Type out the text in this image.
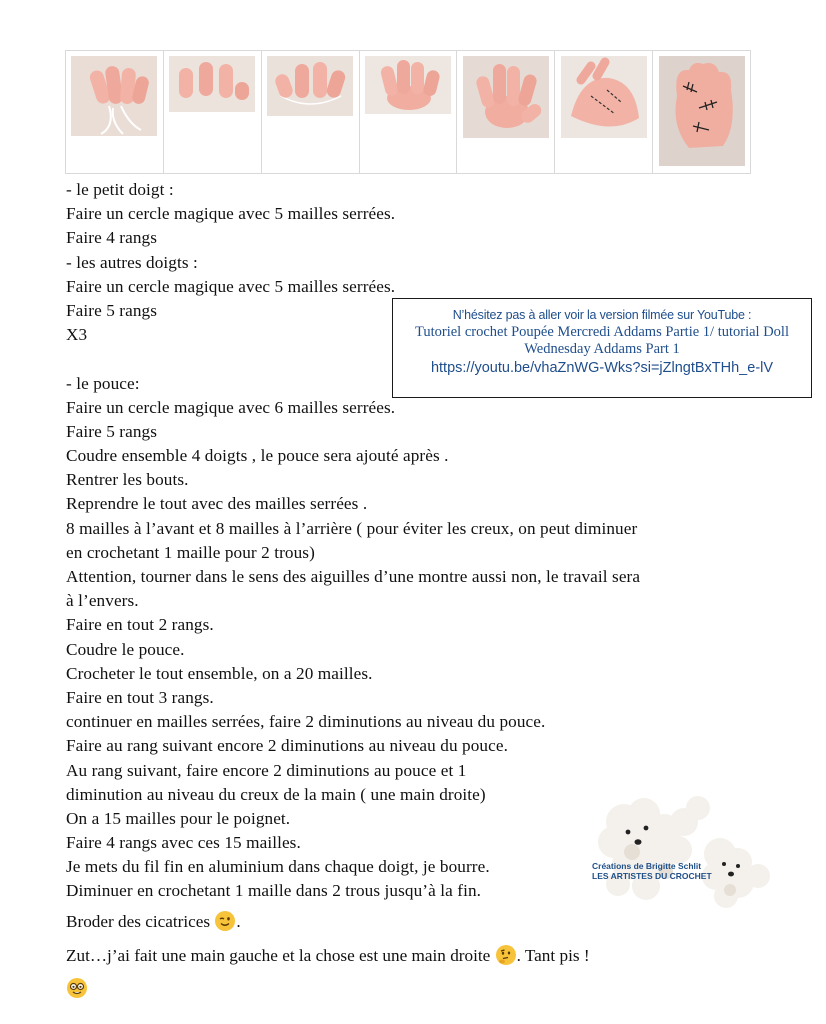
- le petit doigt :
Faire un cercle magique avec 5 mailles serrées.
Faire 4 rangs
- les autres doigts :
Faire un cercle magique avec 5 mailles serrées.
Faire 5 rangs
X3
- le pouce:
Faire un cercle magique avec 6 mailles serrées.
Faire 5 rangs
Coudre ensemble 4 doigts , le pouce sera ajouté après .
Rentrer les bouts.
Reprendre le tout avec des mailles serrées .
8 mailles à l’avant et 8 mailles à l’arrière ( pour éviter les creux, on peut diminuer
en crochetant 1 maille pour 2 trous)
Attention, tourner dans le sens des aiguilles d’une montre aussi non, le travail sera
à l’envers.
Faire en tout 2 rangs.
Coudre le pouce.
Crocheter le tout ensemble, on a 20 mailles.
Faire en tout 3 rangs.
continuer en mailles serrées, faire 2 diminutions au niveau du pouce.
Faire au rang suivant encore 2 diminutions au niveau du pouce.
Au rang suivant, faire encore 2 diminutions au pouce et 1
diminution au niveau du creux de la main ( une main droite)
On a 15 mailles pour le poignet.
Faire 4 rangs avec ces 15 mailles.
Je mets du fil fin en aluminium dans chaque doigt, je bourre.
Diminuer en crochetant 1 maille dans 2 trous jusqu’à la fin.
Broder des cicatrices .
Zut…j’ai fait une main gauche et la chose est une main droite . Tant pis !
N’hésitez pas à aller voir la version filmée sur YouTube :
Tutoriel crochet Poupée Mercredi Addams Partie 1/ tutorial Doll
Wednesday Addams Part 1
https://youtu.be/vhaZnWG-Wks?si=jZlngtBxTHh_e-lV
Créations de Brigitte Schlit
LES ARTISTES DU CROCHET
